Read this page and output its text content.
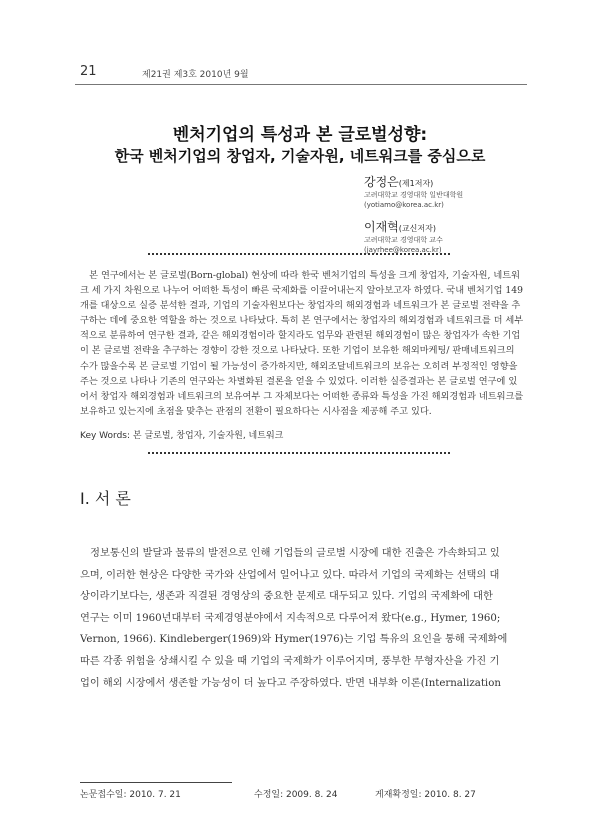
21	제21권 제3호 2010년 9월
벤처기업의 특성과 본 글로벌성향:
한국 벤처기업의 창업자, 기술자원, 네트워크를 중심으로
강정은(제1저자)
고려대학교 경영대학 일반대학원
(yotiamo@korea.ac.kr)
이재혁(교신저자)
고려대학교 경영대학 교수
(jayrhee@korea.ac.kr)
　본 연구에서는 본 글로벌(Born-global) 현상에 따라 한국 벤처기업의 특성을 크게 창업자, 기술자원, 네트워
크 세 가지 차원으로 나누어 어떠한 특성이 빠른 국제화를 이끌어내는지 알아보고자 하였다. 국내 벤처기업 149
개를 대상으로 실증 분석한 결과, 기업의 기술자원보다는 창업자의 해외경험과 네트워크가 본 글로벌 전략을 추
구하는 데에 중요한 역할을 하는 것으로 나타났다. 특히 본 연구에서는 창업자의 해외경험과 네트워크를 더 세부
적으로 분류하여 연구한 결과, 같은 해외경험이라 할지라도 업무와 관련된 해외경험이 많은 창업자가 속한 기업
이 본 글로벌 전략을 추구하는 경향이 강한 것으로 나타났다. 또한 기업이 보유한 해외마케팅/ 판매네트워크의
수가 많을수록 본 글로벌 기업이 될 가능성이 증가하지만, 해외조달네트워크의 보유는 오히려 부정적인 영향을
주는 것으로 나타나 기존의 연구와는 차별화된 결론을 얻을 수 있었다. 이러한 실증결과는 본 글로벌 연구에 있
어서 창업자 해외경험과 네트워크의 보유여부 그 자체보다는 어떠한 종류와 특성을 가진 해외경험과 네트워크를
보유하고 있는지에 초점을 맞추는 관점의 전환이 필요하다는 시사점을 제공해 주고 있다.
Key Words: 본 글로벌, 창업자, 기술자원, 네트워크
Ⅰ. 서 론
　정보통신의 발달과 물류의 발전으로 인해 기업들의 글로벌 시장에 대한 진출은 가속화되고 있
으며, 이러한 현상은 다양한 국가와 산업에서 일어나고 있다. 따라서 기업의 국제화는 선택의 대
상이라기보다는, 생존과 직결된 경영상의 중요한 문제로 대두되고 있다. 기업의 국제화에 대한
연구는 이미 1960년대부터 국제경영분야에서 지속적으로 다루어져 왔다(e.g., Hymer, 1960;
Vernon, 1966). Kindleberger(1969)와 Hymer(1976)는 기업 특유의 요인을 통해 국제화에
따른 각종 위험을 상쇄시킬 수 있을 때 기업의 국제화가 이루어지며, 풍부한 무형자산을 가진 기
업이 해외 시장에서 생존할 가능성이 더 높다고 주장하였다. 반면 내부화 이론(Internalization
논문접수일: 2010. 7. 21	수정일: 2009. 8. 24	게재확정일: 2010. 8. 27
